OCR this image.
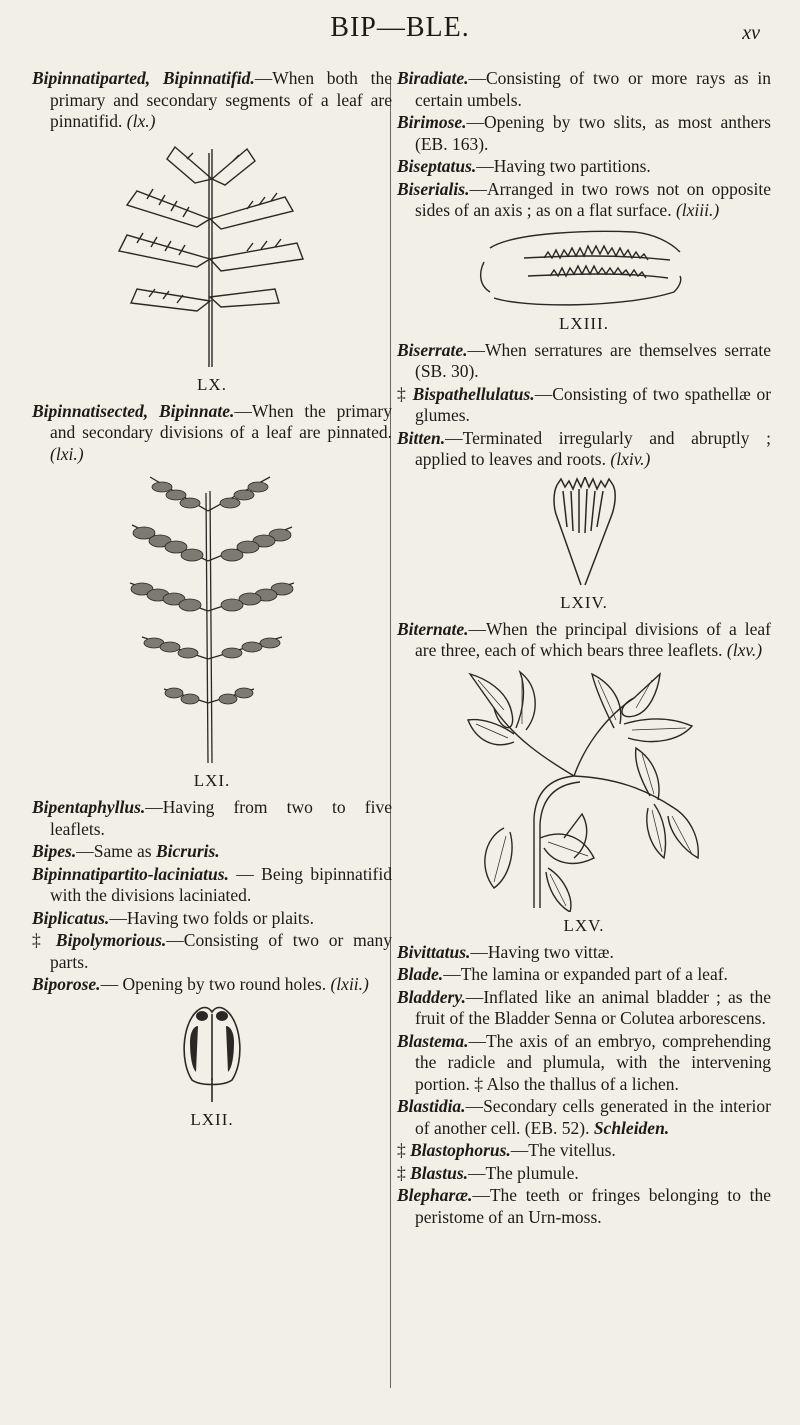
BIP—BLE.	xv

Bipinnatiparted, Bipinnatifid.—When both the primary and secondary segments of a leaf are pinnatifid. (lx.)

LX.

Bipinnatisected, Bipinnate.—When the primary and secondary divisions of a leaf are pinnated. (lxi.)

LXI.

Bipentaphyllus.—Having from two to five leaflets.

Bipes.—Same as Bicruris.

Bipinnatipartito-laciniatus. — Being bipinnatifid with the divisions laciniated.

Biplicatus.—Having two folds or plaits.

‡ Bipolymorious.—Consisting of two or many parts.

Biporose.— Opening by two round holes. (lxii.)

LXII.

Biradiate.—Consisting of two or more rays as in certain umbels.

Birimose.—Opening by two slits, as most anthers (EB. 163).

Biseptatus.—Having two partitions.

Biserialis.—Arranged in two rows not on opposite sides of an axis ; as on a flat surface. (lxiii.)

LXIII.

Biserrate.—When serratures are themselves serrate (SB. 30).

‡ Bispathellulatus.—Consisting of two spathellæ or glumes.

Bitten.—Terminated irregularly and abruptly ; applied to leaves and roots. (lxiv.)

LXIV.

Biternate.—When the principal divisions of a leaf are three, each of which bears three leaflets. (lxv.)

LXV.

Bivittatus.—Having two vittæ.

Blade.—The lamina or expanded part of a leaf.

Bladdery.—Inflated like an animal bladder ; as the fruit of the Bladder Senna or Colutea arborescens.

Blastema.—The axis of an embryo, comprehending the radicle and plumula, with the intervening portion. ‡ Also the thallus of a lichen.

Blastidia.—Secondary cells generated in the interior of another cell. (EB. 52). Schleiden.

‡ Blastophorus.—The vitellus.

‡ Blastus.—The plumule.

Blepharæ.—The teeth or fringes belonging to the peristome of an Urn-moss.
